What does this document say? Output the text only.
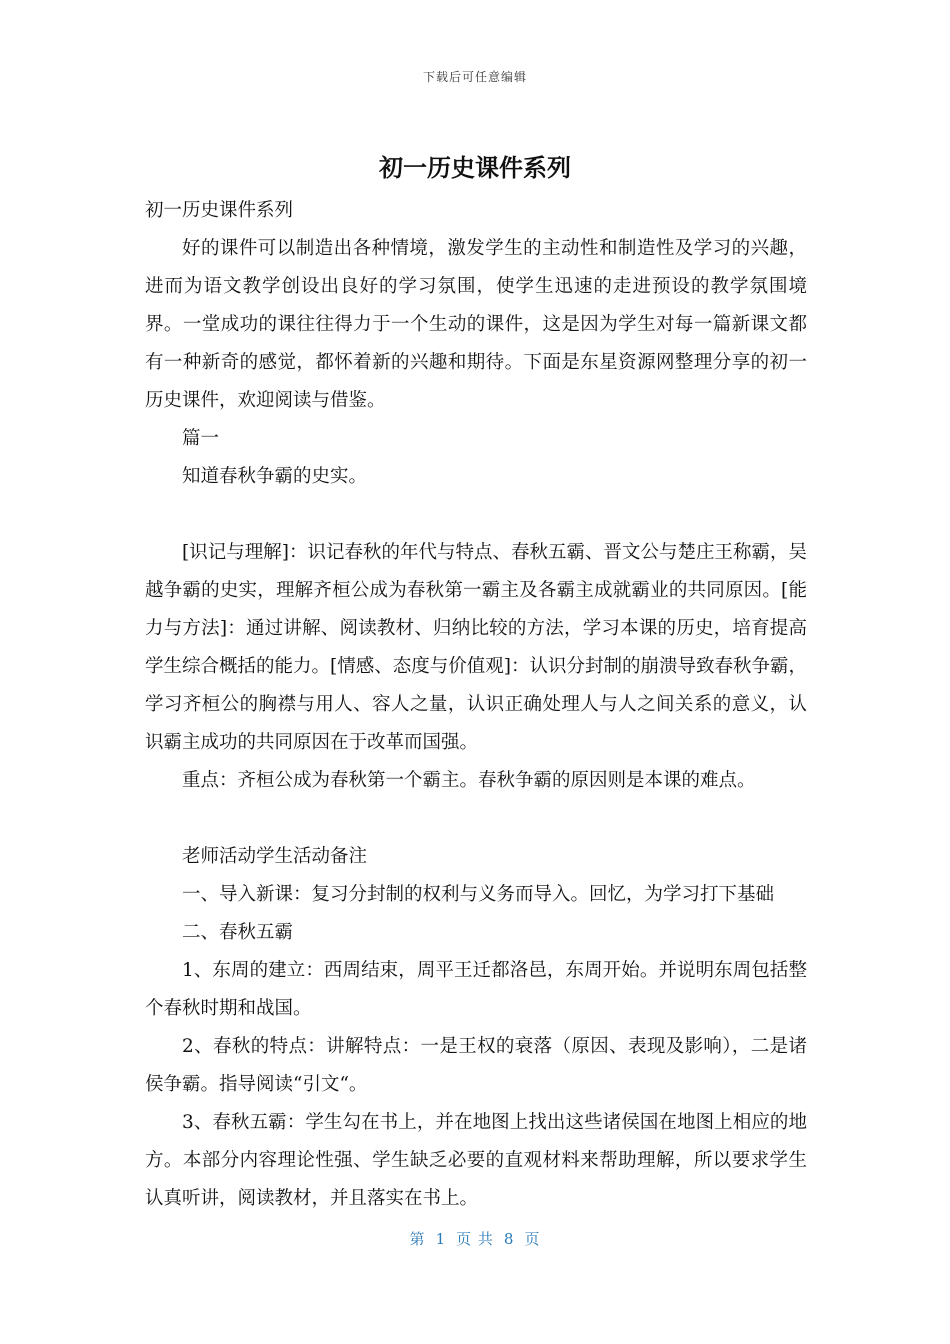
下载后可任意编辑
初一历史课件系列

初一历史课件系列

好的课件可以制造出各种情境，激发学生的主动性和制造性及学习的兴趣，进而为语文教学创设出良好的学习氛围，使学生迅速的走进预设的教学氛围境界。一堂成功的课往往得力于一个生动的课件，这是因为学生对每一篇新课文都有一种新奇的感觉，都怀着新的兴趣和期待。下面是东星资源网整理分享的初一历史课件，欢迎阅读与借鉴。

篇一

知道春秋争霸的史实。

[识记与理解]：识记春秋的年代与特点、春秋五霸、晋文公与楚庄王称霸，吴越争霸的史实，理解齐桓公成为春秋第一霸主及各霸主成就霸业的共同原因。[能力与方法]：通过讲解、阅读教材、归纳比较的方法，学习本课的历史，培育提高学生综合概括的能力。[情感、态度与价值观]：认识分封制的崩溃导致春秋争霸，学习齐桓公的胸襟与用人、容人之量，认识正确处理人与人之间关系的意义，认识霸主成功的共同原因在于改革而国强。

重点：齐桓公成为春秋第一个霸主。春秋争霸的原因则是本课的难点。

老师活动学生活动备注

一、导入新课：复习分封制的权利与义务而导入。回忆，为学习打下基础

二、春秋五霸

1、东周的建立：西周结束，周平王迁都洛邑，东周开始。并说明东周包括整个春秋时期和战国。

2、春秋的特点：讲解特点：一是王权的衰落（原因、表现及影响），二是诸侯争霸。指导阅读“引文“。

3、春秋五霸：学生勾在书上，并在地图上找出这些诸侯国在地图上相应的地方。本部分内容理论性强、学生缺乏必要的直观材料来帮助理解，所以要求学生认真听讲，阅读教材，并且落实在书上。

第 1 页 共 8 页
